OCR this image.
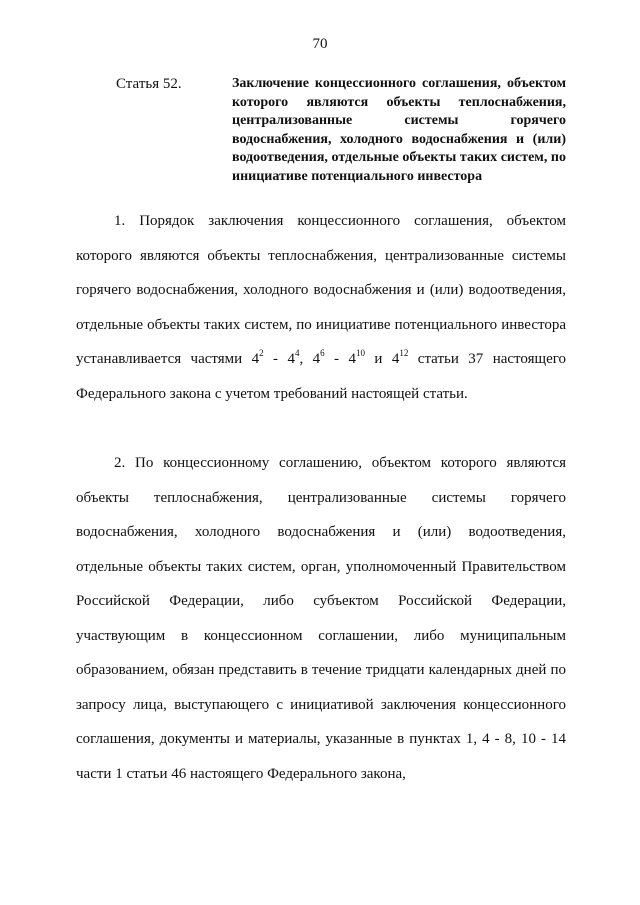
70
Статья 52.	Заключение концессионного соглашения, объектом которого являются объекты теплоснабжения, централизованные системы горячего водоснабжения, холодного водоснабжения и (или) водоотведения, отдельные объекты таких систем, по инициативе потенциального инвестора

1. Порядок заключения концессионного соглашения, объектом которого являются объекты теплоснабжения, централизованные системы горячего водоснабжения, холодного водоснабжения и (или) водоотведения, отдельные объекты таких систем, по инициативе потенциального инвестора устанавливается частями $4^2 - 4^4$, $4^6 - 4^{10}$ и $4^{12}$ статьи 37 настоящего Федерального закона с учетом требований настоящей статьи.

2. По концессионному соглашению, объектом которого являются объекты теплоснабжения, централизованные системы горячего водоснабжения, холодного водоснабжения и (или) водоотведения, отдельные объекты таких систем, орган, уполномоченный Правительством Российской Федерации, либо субъектом Российской Федерации, участвующим в концессионном соглашении, либо муниципальным образованием, обязан представить в течение тридцати календарных дней по запросу лица, выступающего с инициативой заключения концессионного соглашения, документы и материалы, указанные в пунктах 1, 4 - 8, 10 - 14 части 1 статьи 46 настоящего Федерального закона,
